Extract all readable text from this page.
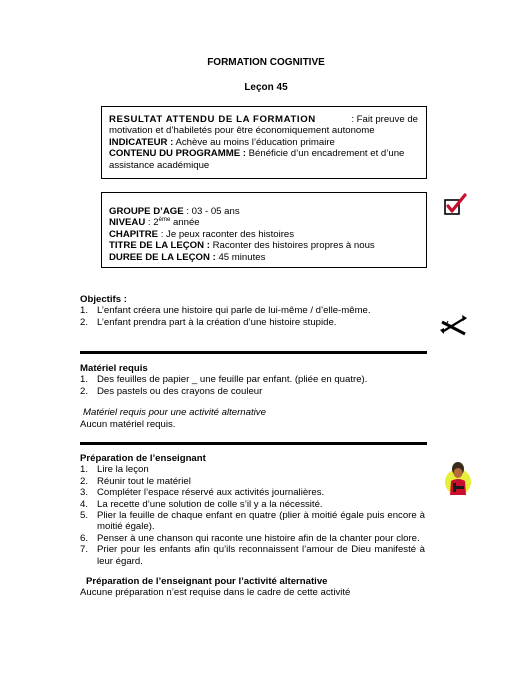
FORMATION COGNITIVE
Leçon 45
RESULTAT ATTENDU DE LA FORMATION	: Fait preuve de
motivation et d’habiletés pour être économiquement autonome
INDICATEUR : Achève au moins l’éducation primaire
CONTENU DU PROGRAMME : Bénéficie d’un encadrement et d’une
assistance académique
GROUPE D’AGE : 03 - 05 ans
NIVEAU : 2ème année
CHAPITRE : Je peux raconter des histoires
TITRE DE LA LEÇON : Raconter des histoires propres à nous
DUREE DE LA LEÇON : 45 minutes
Objectifs :
1. L’enfant créera une histoire qui parle de lui-même / d’elle-même.
2. L’enfant prendra part à la création d’une histoire stupide.
Matériel requis
1. Des feuilles de papier _ une feuille par enfant. (pliée en quatre).
2. Des pastels ou des crayons de couleur
Matériel requis pour une activité alternative
Aucun matériel requis.
Préparation de l’enseignant
1. Lire la leçon
2. Réunir tout le matériel
3. Compléter l’espace réservé aux activités journalières.
4. La recette d’une solution de colle s’il y a la nécessité.
5. Plier la feuille de chaque enfant en quatre (plier à moitié égale puis encore à moitié égale).
6. Penser à une chanson qui raconte une histoire afin de la chanter pour clore.
7. Prier pour les enfants afin qu’ils reconnaissent l’amour de Dieu manifesté à leur égard.
Préparation de l’enseignant pour l’activité alternative
Aucune préparation n’est requise dans le cadre de cette activité
